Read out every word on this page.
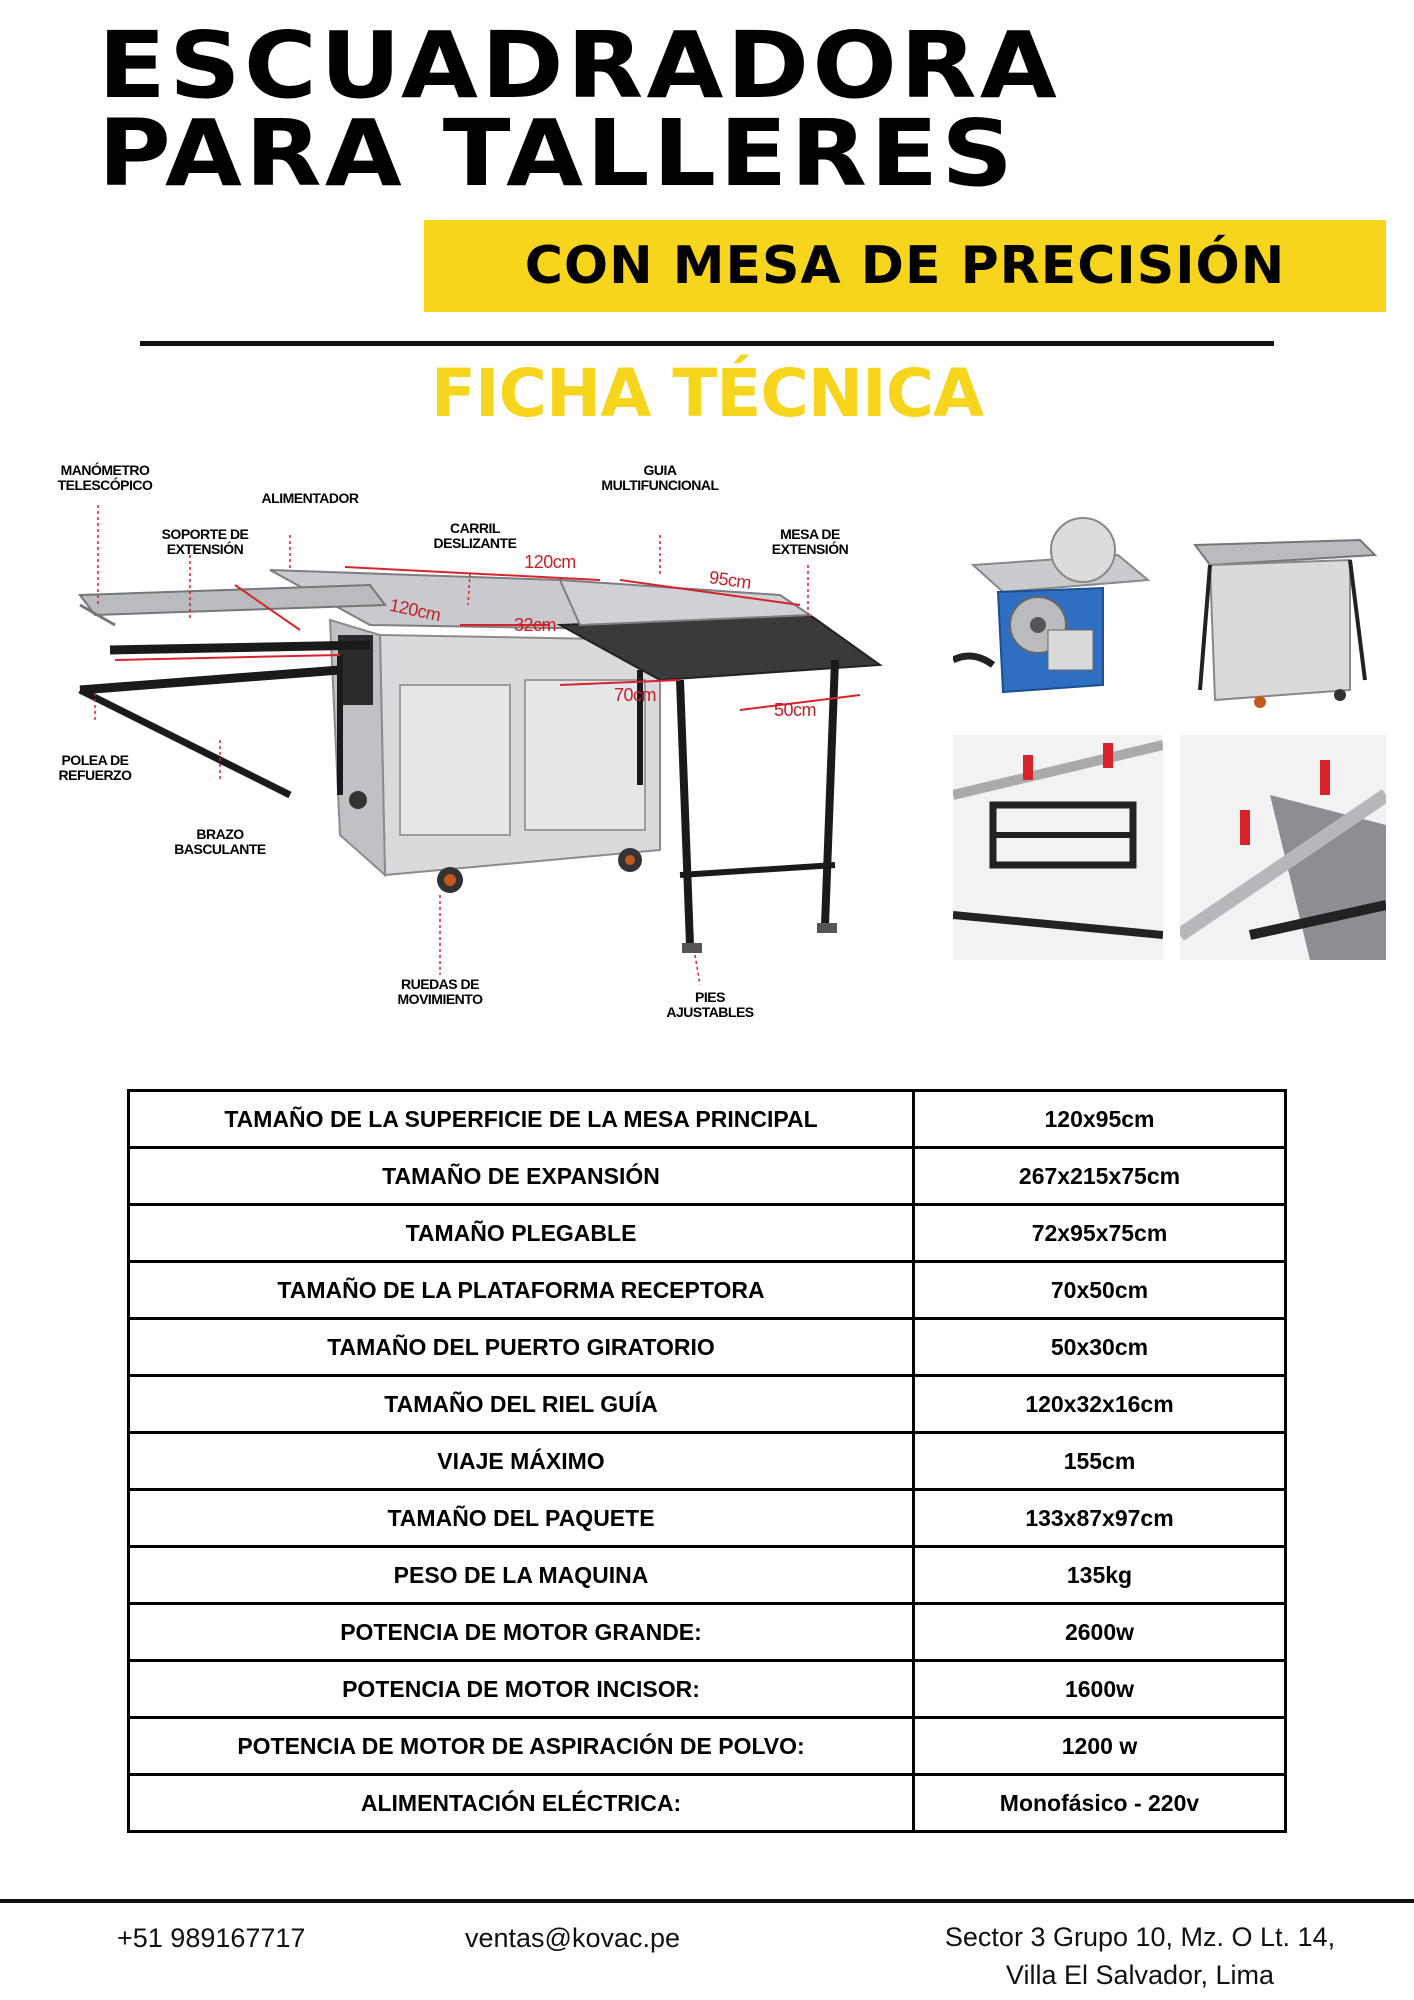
ESCUADRADORA
PARA TALLERES
CON MESA DE PRECISIÓN
FICHA TÉCNICA
MANÓMETRO
TELESCÓPICO
ALIMENTADOR
GUIA
MULTIFUNCIONAL
SOPORTE DE
EXTENSIÓN
CARRIL
DESLIZANTE
MESA DE
EXTENSIÓN
POLEA DE
REFUERZO
BRAZO
BASCULANTE
RUEDAS DE
MOVIMIENTO	PIES
AJUSTABLES
120cm
95cm
120cm	32cm
70cm
50cm
TAMAÑO DE LA SUPERFICIE DE LA MESA PRINCIPAL	120x95cm
TAMAÑO DE EXPANSIÓN	267x215x75cm
TAMAÑO PLEGABLE	72x95x75cm
TAMAÑO DE LA PLATAFORMA RECEPTORA	70x50cm
TAMAÑO DEL PUERTO GIRATORIO	50x30cm
TAMAÑO DEL RIEL GUÍA	120x32x16cm
VIAJE MÁXIMO	155cm
TAMAÑO DEL PAQUETE	133x87x97cm
PESO DE LA MAQUINA	135kg
POTENCIA DE MOTOR GRANDE:	2600w
POTENCIA DE MOTOR INCISOR:	1600w
POTENCIA DE MOTOR DE ASPIRACIÓN DE POLVO:	1200 w
ALIMENTACIÓN ELÉCTRICA:	Monofásico - 220v
+51 989167717	ventas@kovac.pe	Sector 3 Grupo 10, Mz. O Lt. 14,
Villa El Salvador, Lima
